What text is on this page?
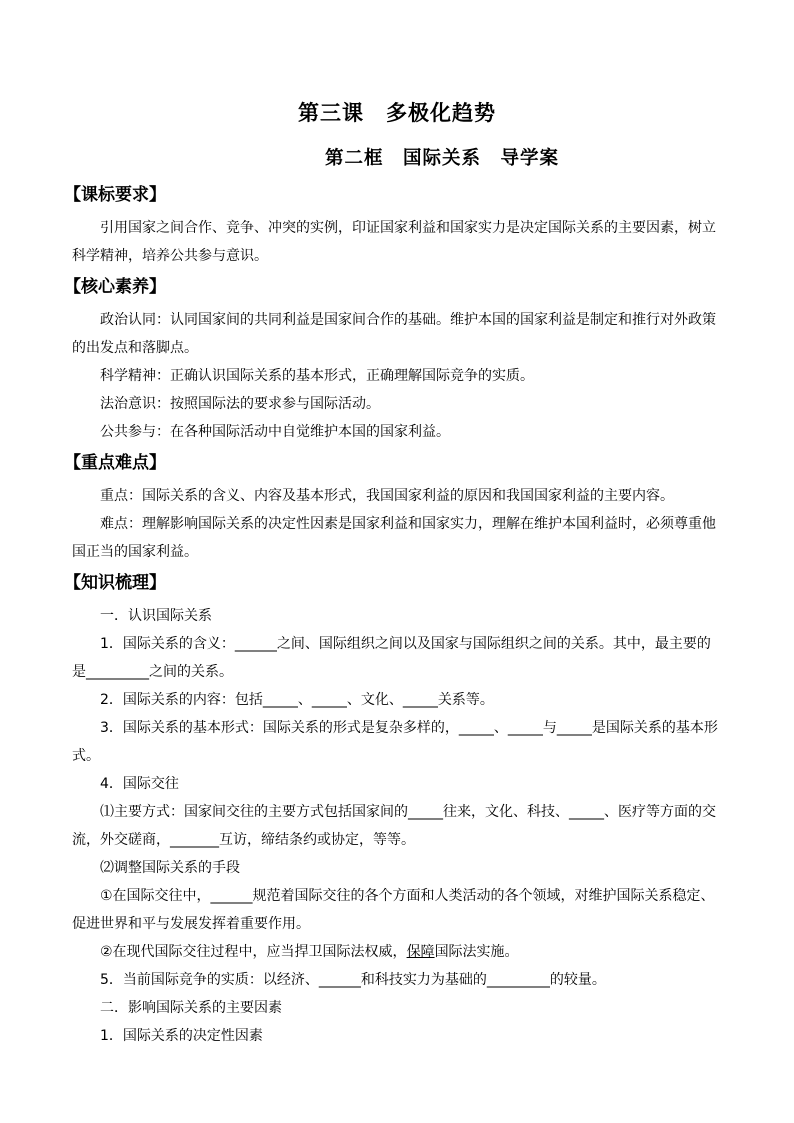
第三课　多极化趋势
第二框　国际关系　导学案
【课标要求】

引用国家之间合作、竞争、冲突的实例，印证国家利益和国家实力是决定国际关系的主要因素，树立科学精神，培养公共参与意识。

【核心素养】

政治认同：认同国家间的共同利益是国家间合作的基础。维护本国的国家利益是制定和推行对外政策的出发点和落脚点。

科学精神：正确认识国际关系的基本形式，正确理解国际竞争的实质。

法治意识：按照国际法的要求参与国际活动。

公共参与：在各种国际活动中自觉维护本国的国家利益。

【重点难点】

重点：国际关系的含义、内容及基本形式，我国国家利益的原因和我国国家利益的主要内容。

难点：理解影响国际关系的决定性因素是国家利益和国家实力，理解在维护本国利益时，必须尊重他国正当的国家利益。

【知识梳理】

一．认识国际关系

1．国际关系的含义：______之间、国际组织之间以及国家与国际组织之间的关系。其中，最主要的是_________之间的关系。

2．国际关系的内容：包括_____、_____、文化、_____关系等。

3．国际关系的基本形式：国际关系的形式是复杂多样的，_____、_____与_____是国际关系的基本形式。

4．国际交往

⑴主要方式：国家间交往的主要方式包括国家间的_____往来，文化、科技、_____、医疗等方面的交流，外交磋商，_______互访，缔结条约或协定，等等。

⑵调整国际关系的手段

①在国际交往中，______规范着国际交往的各个方面和人类活动的各个领域，对维护国际关系稳定、促进世界和平与发展发挥着重要作用。

②在现代国际交往过程中，应当捍卫国际法权威，保障国际法实施。

5．当前国际竞争的实质：以经济、______和科技实力为基础的_________的较量。

二．影响国际关系的主要因素

1．国际关系的决定性因素
